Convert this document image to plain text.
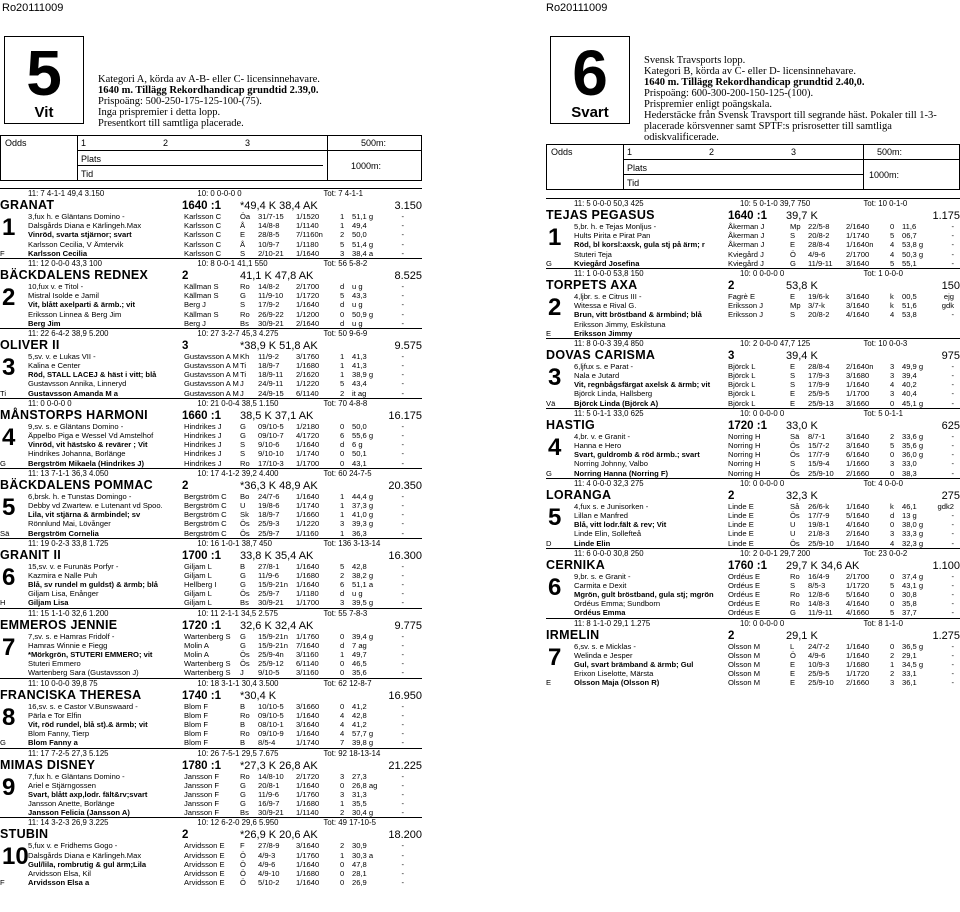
Ro20111009	Ro20111009
5
Vit
Kategori A, körda av A-B- eller C- licensinnehavare.
1640 m. Tillägg Rekordhandicap grundtid 2.39,0.
Prispoäng: 500-250-175-125-100-(75).
Inga prispremier i detta lopp.
Presentkort till samtliga placerade.
Odds	1	2	3	500m:
Plats
Tid
1000m:
11: 7 4-1-1 49,4 3.150	10: 0 0-0-0 0	Tot: 7 4-1-1
GRANAT	1640 :1	*49,4 K 38,4 AK	3.150
3,fux h. e Gläntans Domino -	Karlsson C	Öa	31/7-15	1/1520	1	51,1 g	-
Dalsgårds Diana e Kärlingeh.Max	Karlsson C	Å	14/8-8	1/1140	1	49,4	-
Vinröd, svarta stjärnor; svart	Karlsson C	E	28/8-5	7/1160n	2	50,0	-
Karlsson Cecilia, V Ämtervik	Karlsson C	Å	10/9-7	1/1180	5	51,4 g	-
F	Karlsson Cecilia	Karlsson C	S	2/10-21	1/1640	3	38,4 a	-
1
11: 12 0-0-0 43,3 100	10: 8 0-0-1 41,1 550	Tot: 56 5-8-2
BÄCKDALENS REDNEX	2	41,1 K 47,8 AK	8.525
10,fux v. e Titol -	Källman S	Ro	14/8-2	2/1700	d	u g	-
Mistral Isolde e Jamil	Källman S	G	11/9-10	1/1720	5	43,3	-
Vit, blått axelparti & ärmb.; vit	Berg J	S	17/9-2	1/1640	d	u g	-
Eriksson Linnea & Berg Jim	Källman S	Ro	26/9-22	1/1200	0	50,9 g	-
Berg Jim	Berg J	Bs	30/9-21	2/1640	d	u g	-
2
11: 22 6-4-2 38,9 5.200	10: 27 3-2-7 45,3 4.275	Tot: 50 9-6-9
OLIVER II	3	*38,9 K 51,8 AK	9.575
5,sv. v. e Lukas VII -	Gustavsson A M Kh	11/9-2	3/1760	1	41,3	-
Kalina e Center	Gustavsson A M Ti	18/9-7	1/1680	1	41,3	-
Röd, STALL LACEJ & häst i vitt; blå	Gustavsson A M Ti	18/9-11	2/1620	1	38,9 g	-
Gustavsson Annika, Linneryd	Gustavsson A M J	24/9-11	1/1220	5	43,4	-
Ti	Gustavsson Amanda M a	Gustavsson A M J	24/9-15	6/1140	2	it ag	-
3
11: 0 0-0-0 0	10: 21 0-0-4 38,5 1.150	Tot: 70 4-8-8
MÅNSTORPS HARMONI	1660 :1	38,5 K 37,1 AK	16.175
9,sv. s. e Gläntans Domino -	Hindrikes J	G	09/10-5	1/2180	0	50,0	-
Äppelbo Piga e Wessel Vd Amstelhof	Hindrikes J	G	09/10-7	4/1720	6	55,6 g	-
Vinröd, vit hästsko & revärer ; Vit	Hindrikes J	S	9/10-6	1/1640	d	6 g	-
Hindrikes Johanna, Borlänge	Hindrikes J	S	9/10-10	1/1740	0	50,1	-
G	Bergström Mikaela (Hindrikes J)	Hindrikes J	Ro	17/10-3	1/1700	0	43,1	-
4
11: 13 7-1-1 36,3 4.050	10: 17 4-1-2 39,2 4.400	Tot: 60 24-7-5
BÄCKDALENS POMMAC	2	*36,3 K 48,9 AK	20.350
6,brsk. h. e Tunstas Domingo -	Bergström C	Bo	24/7-6	1/1640	1	44,4 g	-
Debby vd Zwartew. e Lutenant vd Spoo.	Bergström C	U	19/8-6	1/1740	1	37,3 g	-
Lila, vit stjärna & ärmbindel; sv	Bergström C	Sk	18/9-7	1/1660	1	41,0 g	-
Rönnlund Mai, Lövånger	Bergström C	Ös	25/9-3	1/1220	3	39,3 g	-
Sä	Bergström Cornelia	Bergström C	Ös	25/9-7	1/1160	1	36,3	-
5
11: 19 0-2-3 33,8 1.725	10: 16 1-0-1 38,7 450	Tot: 136 3-13-14
GRANIT II	1700 :1	33,8 K 35,4 AK	16.300
15,sv. v. e Furunäs Porfyr -	Giljam L	B	27/8-1	1/1640	5	42,8	-
Kazmira e Nalle Puh	Giljam L	G	11/9-6	1/1680	2	38,2 g	-
Blå, sv rundel m guldst) & ärmb; blå	Hellberg I	G	15/9-21n	1/1640	6	51,1 a	-
Giljam Lisa, Enånger	Giljam L	Ös	25/9-7	1/1180	d	u g	-
H	Giljam Lisa	Giljam L	Bs	30/9-21	1/1700	3	39,5 g	-
6
11: 15 1-1-0 32,6 1.200	10: 11 2-1-1 34,5 2.575	Tot: 55 7-8-3
EMMEROS JENNIE	1720 :1	32,6 K 32,4 AK	9.775
7,sv. s. e Hamras Fridolf -	Wartenberg S	G	15/9-21n	1/1760	0	39,4 g	-
Hamras Winnie e Fiegg	Molin A	G	15/9-21n	7/1640	d	7 ag	-
*Mörkgrön, STUTERI EMMERO; vit	Molin A	Ös	25/9-4n	3/1160	1	49,7	-
Stuteri Emmero	Wartenberg S	Ös	25/9-12	6/1140	0	46,5	-
Wartenberg Sara (Gustavsson J)	Wartenberg S	J	9/10-5	3/1160	0	35,6	-
7
11: 10 0-0-0 39,8 75	10: 18 3-1-1 30,4 3.500	Tot: 62 12-8-7
FRANCISKA THERESA	1740 :1	*30,4 K	16.950
16,sv. s. e Castor V.Bunswaard -	Blom F	B	10/10-5	3/1660	0	41,2	-
Pärla e Tor Elfin	Blom F	Ro	09/10-5	1/1640	4	42,8	-
Vit, röd rundel, blå st).& ärmb; vit	Blom F	B	08/10-1	3/1640	4	41,2	-
Blom Fanny, Tierp	Blom F	Ro	09/10-9	1/1640	4	57,7 g	-
G	Blom Fanny a	Blom F	B	8/5-4	1/1740	7	39,8 g	-
8
11: 17 7-2-5 27,3 5.125	10: 26 7-5-1 29,5 7.675	Tot: 92 18-13-14
MIMAS DISNEY	1780 :1	*27,3 K 26,8 AK	21.225
7,fux h. e Gläntans Domino -	Jansson F	Ro	14/8-10	2/1720	3	27,3	-
Ariel e Stjärngossen	Jansson F	G	20/8-1	1/1640	0	26,8 ag	-
Svart, blått axp,lodr. fält&rv;svart	Jansson F	G	11/9-6	1/1760	3	31,3	-
Jansson Anette, Borlänge	Jansson F	G	16/9-7	1/1680	1	35,5	-
Jansson Felicia (Jansson A)	Jansson F	Bs	30/9-21	1/1140	2	30,4 g	-
9
11: 14 3-2-3 26,9 3.225	10: 12 6-2-0 29,6 5.950	Tot: 49 17-10-5
STUBIN	2	*26,9 K 20,6 AK	18.200
5,fux v. e Fridhems Gogo -	Arvidsson E	F	27/8-9	3/1640	2	30,9	-
Dalsgårds Diana e Kärlingeh.Max	Arvidsson E	Ö	4/9-3	1/1760	1	30,3 a	-
Gul/lila, rombrutig & gul ärm;Lila	Arvidsson E	Ö	4/9-6	1/1640	0	47,8	-
Arvidsson Elsa, Kil	Arvidsson E	Ö	4/9-10	1/1680	0	28,1	-
F	Arvidsson Elsa a	Arvidsson E	Ö	5/10-2	1/1640	0	26,9	-
10
6
Svart
Svensk Travsports lopp.
Kategori B, körda av C- eller D- licensinnehavare.
1640 m. Tillägg Rekordhandicap grundtid 2.40,0.
Prispoäng: 600-300-200-150-125-(100).
Prispremier enligt poängskala.
Hederstäcke från Svensk Travsport till segrande häst. Pokaler till 1-3-
placerade körsvenner samt SPTF:s prisrosetter till samtliga odiskvalificerade.
Odds	1	2	3	500m:
Plats
Tid
1000m:
11: 5 0-0-0 50,3 425	10: 5 0-1-0 39,7 750	Tot: 10 0-1-0
TEJAS PEGASUS	1640 :1	39,7 K	1.175
5,br. h. e Tejas Monljus -	Åkerman J	Mp 22/5-8	2/1640	0	11,6	-
Hults Pirita e Pirat Pan	Åkerman J	S	20/8-2	1/1740	5	06,7	-
Röd, bl korsl:axsk, gula stj på ärm; r	Åkerman J	E	28/8-4	1/1640n	4	53,8 g	-
Stuteri Teja	Kviegård J	Ö	4/9-6	2/1700	4	50,3 g	-
G	Kviegård Josefina	Kviegård J	G	11/9-11	3/1640	5	55,1	-
1
11: 1 0-0-0 53,8 150	10: 0 0-0-0 0	Tot: 1 0-0-0
TORPETS AXA	2	53,8 K	150
4,ljbr. s. e Citrus III -	Fagrè E	E	19/6-k	3/1640	k	00,5	ejg
Witessa e Rival G.	Eriksson J	Mp 3/7-k	3/1640	k	51,6	gdk
Brun, vitt bröstband & ärmbind; blå	Eriksson J	S	20/8-2	4/1640	4	53,8	-
Eriksson Jimmy, Eskilstuna
E	Eriksson Jimmy
2
11: 8 0-0-3 39,4 850	10: 2 0-0-0 47,7 125	Tot: 10 0-0-3
DOVAS CARISMA	3	39,4 K	975
6,ljfux s. e Parat -	Björck L	E	28/8-4	2/1640n	3	49,9 g	-
Nala e Jutard	Björck L	S	17/9-3	3/1680	3	39,4	-
Vit, regnbågsfärgat axelsk & ärmb; vit	Björck L	S	17/9-9	1/1640	4	40,2	-
Björck Linda, Hallsberg	Björck L	E	25/9-5	1/1700	3	40,4	-
Vä	Björck Linda (Björck A)	Björck L	E	25/9-13	3/1660	0	45,1 g	-
3
11: 5 0-1-1 33,0 625	10: 0 0-0-0 0	Tot: 5 0-1-1
HASTIG	1720 :1	33,0 K	625
4,br. v. e Granit -	Norring H	Sä	8/7-1	3/1640	2	33,6 g	-
Hanna e Hero	Norring H	Ös	15/7-2	3/1640	5	35,6 g	-
Svart, guldromb & röd ärmb.; svart	Norring H	Ös	17/7-9	6/1640	0	36,0 g	-
Norring Johnny, Valbo	Norring H	S	15/9-4	1/1660	3	33,0	-
G	Norring Hanna (Norring F)	Norring H	Ös	25/9-10	2/1660	0	38,3	-
4
11: 4 0-0-0 32,3 275	10: 0 0-0-0 0	Tot: 4 0-0-0
LORANGA	2	32,3 K	275
4,fux s. e Junisorken -	Linde E	Så	26/6-k	1/1640	k	46,1	gdk2
Lillan e Manfred	Linde E	Ös	17/7-9	5/1640	d	13 g	-
Blå, vitt lodr.fält & rev; Vit	Linde E	U	19/8-1	4/1640	0	38,0 g	-
Linde Elin, Solleftеå	Linde E	U	21/8-3	2/1640	3	33,3 g	-
D	Linde Elin	Linde E	Ös	25/9-10	1/1640	4	32,3 g	-
5
11: 6 0-0-0 30,8 250	10: 2 0-0-1 29,7 200	Tot: 23 0-0-2
CERNIKA	1760 :1	29,7 K 34,6 AK	1.100
9,br. s. e Granit -	Ordéus E	Ro	16/4-9	2/1700	0	37,4 g	-
Carmita e Dexit	Ordéus E	S	8/5-3	1/1720	5	43,1 g	-
Mgrön, gult bröstband, gula stj; mgrön	Ordéus E	Ro	12/8-6	5/1640	0	30,8	-
Ordéus Emma; Sundborn	Ordéus E	Ro	14/8-3	4/1640	0	35,8	-
Ordéus Emma	Ordéus E	G	11/9-11	4/1660	5	37,7	-
6
11: 8 1-1-0 29,1 1.275	10: 0 0-0-0 0	Tot: 8 1-1-0
IRMELIN	2	29,1 K	1.275
6,sv. s. e Micklas -	Olsson M	L	24/7-2	1/1640	0	36,5 g	-
Welinda e Jesper	Olsson M	Ö	4/9-6	1/1640	2	29,1	-
Gul, svart brämband & ärmb; Gul	Olsson M	E	10/9-3	1/1680	1	34,5 g	-
Erixon Liselotte, Märsta	Olsson M	E	25/9-5	1/1720	2	33,1	-
E	Olsson Maja (Olsson R)	Olsson M	E	25/9-10	2/1660	3	36,1	-
7
